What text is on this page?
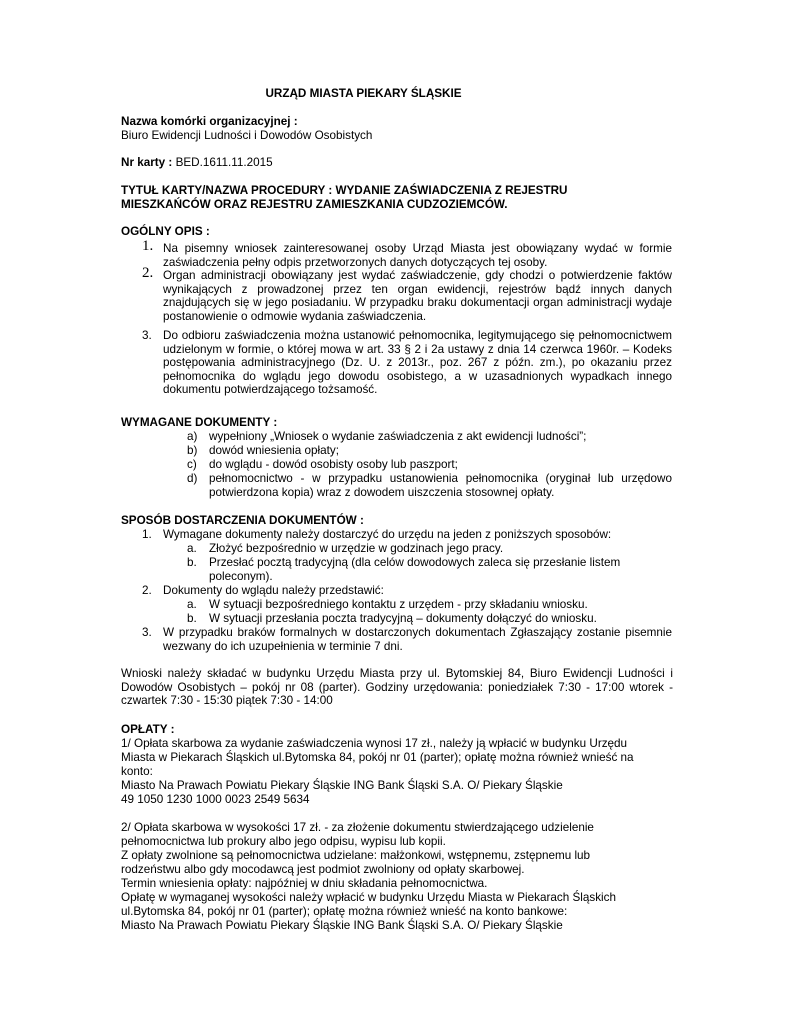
URZĄD MIASTA PIEKARY ŚLĄSKIE
Nazwa komórki organizacyjnej :
Biuro Ewidencji Ludności i Dowodów Osobistych
Nr karty : BED.1611.11.2015
TYTUŁ KARTY/NAZWA PROCEDURY : WYDANIE ZAŚWIADCZENIA Z REJESTRU
MIESZKAŃCÓW ORAZ REJESTRU ZAMIESZKANIA CUDZOZIEMCÓW.
OGÓLNY OPIS :
1. Na pisemny wniosek zainteresowanej osoby Urząd Miasta jest obowiązany wydać w formie zaświadczenia pełny odpis przetworzonych danych dotyczących tej osoby.
2. Organ administracji obowiązany jest wydać zaświadczenie, gdy chodzi o potwierdzenie faktów wynikających z prowadzonej przez ten organ ewidencji, rejestrów bądź innych danych znajdujących się w jego posiadaniu. W przypadku braku dokumentacji organ administracji wydaje postanowienie o odmowie wydania zaświadczenia.
3. Do odbioru zaświadczenia można ustanowić pełnomocnika, legitymującego się pełnomocnictwem udzielonym w formie, o której mowa w art. 33 § 2 i 2a ustawy z dnia 14 czerwca 1960r. – Kodeks postępowania administracyjnego (Dz. U. z 2013r., poz. 267 z późn. zm.), po okazaniu przez pełnomocnika do wglądu jego dowodu osobistego, a w uzasadnionych wypadkach innego dokumentu potwierdzającego tożsamość.
WYMAGANE DOKUMENTY :
a) wypełniony „Wniosek o wydanie zaświadczenia z akt ewidencji ludności”;
b) dowód wniesienia opłaty;
c) do wglądu - dowód osobisty osoby lub paszport;
d) pełnomocnictwo - w przypadku ustanowienia pełnomocnika (oryginał lub urzędowo potwierdzona kopia) wraz z dowodem uiszczenia stosownej opłaty.
SPOSÓB DOSTARCZENIA DOKUMENTÓW :
1. Wymagane dokumenty należy dostarczyć do urzędu na jeden z poniższych sposobów:
a. Złożyć bezpośrednio w urzędzie w godzinach jego pracy.
b. Przesłać pocztą tradycyjną (dla celów dowodowych zaleca się przesłanie listem poleconym).
2. Dokumenty do wglądu należy przedstawić:
a. W sytuacji bezpośredniego kontaktu z urzędem - przy składaniu wniosku.
b. W sytuacji przesłania poczta tradycyjną – dokumenty dołączyć do wniosku.
3. W przypadku braków formalnych w dostarczonych dokumentach Zgłaszający zostanie pisemnie wezwany do ich uzupełnienia w terminie 7 dni.
Wnioski należy składać w budynku Urzędu Miasta przy ul. Bytomskiej 84, Biuro Ewidencji Ludności i Dowodów Osobistych – pokój nr 08 (parter). Godziny urzędowania: poniedziałek 7:30 - 17:00 wtorek - czwartek 7:30 - 15:30 piątek 7:30 - 14:00
OPŁATY :
1/ Opłata skarbowa za wydanie zaświadczenia wynosi 17 zł., należy ją wpłacić w budynku Urzędu
Miasta w Piekarach Śląskich ul.Bytomska 84, pokój nr 01 (parter); opłatę można również wnieść na
konto:
Miasto Na Prawach Powiatu Piekary Śląskie ING Bank Śląski S.A. O/ Piekary Śląskie
49 1050 1230 1000 0023 2549 5634
2/ Opłata skarbowa w wysokości 17 zł. - za złożenie dokumentu stwierdzającego udzielenie
pełnomocnictwa lub prokury albo jego odpisu, wypisu lub kopii.
Z opłaty zwolnione są pełnomocnictwa udzielane: małżonkowi, wstępnemu, zstępnemu lub
rodzeństwu albo gdy mocodawcą jest podmiot zwolniony od opłaty skarbowej.
Termin wniesienia opłaty: najpóźniej w dniu składania pełnomocnictwa.
Opłatę w wymaganej wysokości należy wpłacić w budynku Urzędu Miasta w Piekarach Śląskich
ul.Bytomska 84, pokój nr 01 (parter); opłatę można również wnieść na konto bankowe:
Miasto Na Prawach Powiatu Piekary Śląskie ING Bank Śląski S.A. O/ Piekary Śląskie
